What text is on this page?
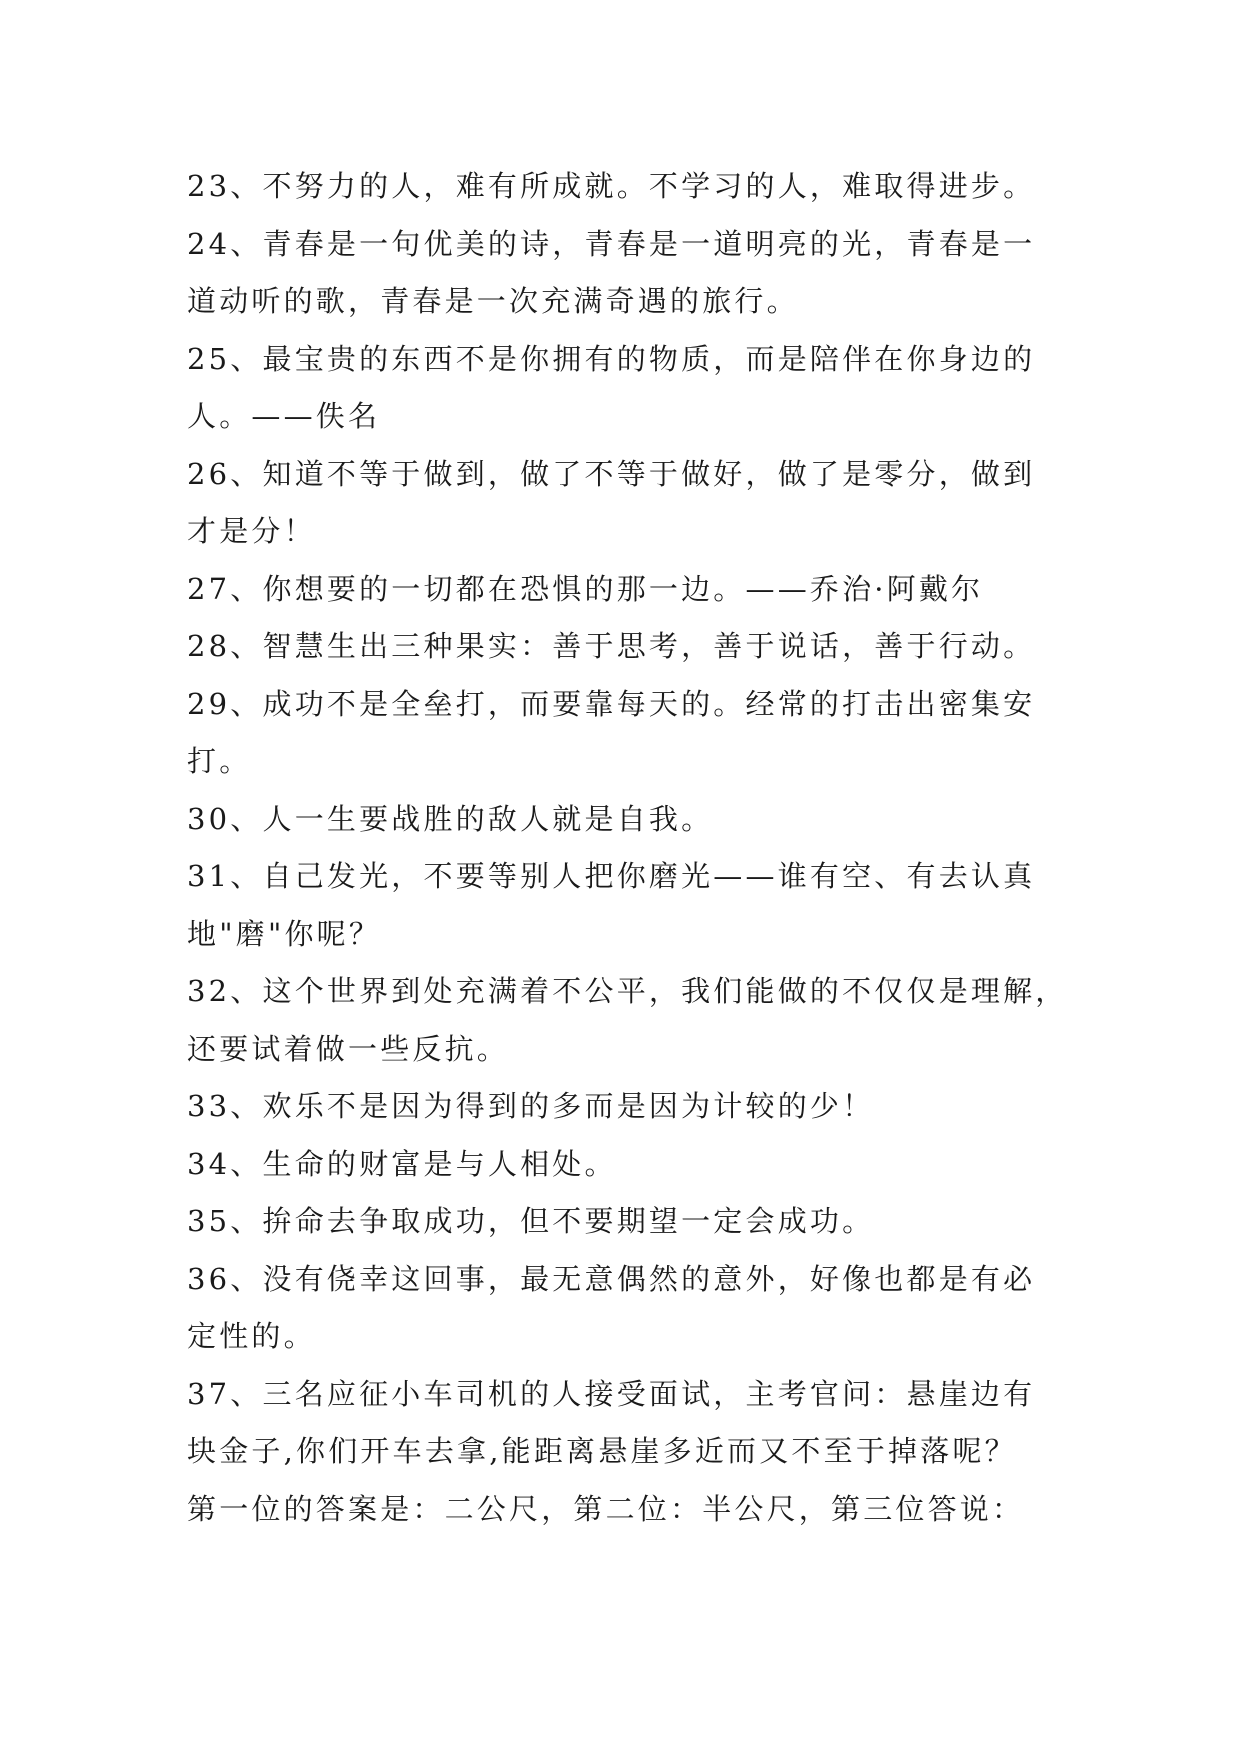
23、不努力的人，难有所成就。不学习的人，难取得进步。
24、青春是一句优美的诗，青春是一道明亮的光，青春是一
道动听的歌，青春是一次充满奇遇的旅行。
25、最宝贵的东西不是你拥有的物质，而是陪伴在你身边的
人。——佚名
26、知道不等于做到，做了不等于做好，做了是零分，做到
才是分！
27、你想要的一切都在恐惧的那一边。——乔治·阿戴尔
28、智慧生出三种果实：善于思考，善于说话，善于行动。
29、成功不是全垒打，而要靠每天的。经常的打击出密集安
打。
30、人一生要战胜的敌人就是自我。
31、自己发光，不要等别人把你磨光——谁有空、有去认真
地"磨"你呢？
32、这个世界到处充满着不公平，我们能做的不仅仅是理解，
还要试着做一些反抗。
33、欢乐不是因为得到的多而是因为计较的少！
34、生命的财富是与人相处。
35、拚命去争取成功，但不要期望一定会成功。
36、没有侥幸这回事，最无意偶然的意外，好像也都是有必
定性的。
37、三名应征小车司机的人接受面试，主考官问：悬崖边有
块金子,你们开车去拿,能距离悬崖多近而又不至于掉落呢？
第一位的答案是：二公尺，第二位：半公尺，第三位答说：
